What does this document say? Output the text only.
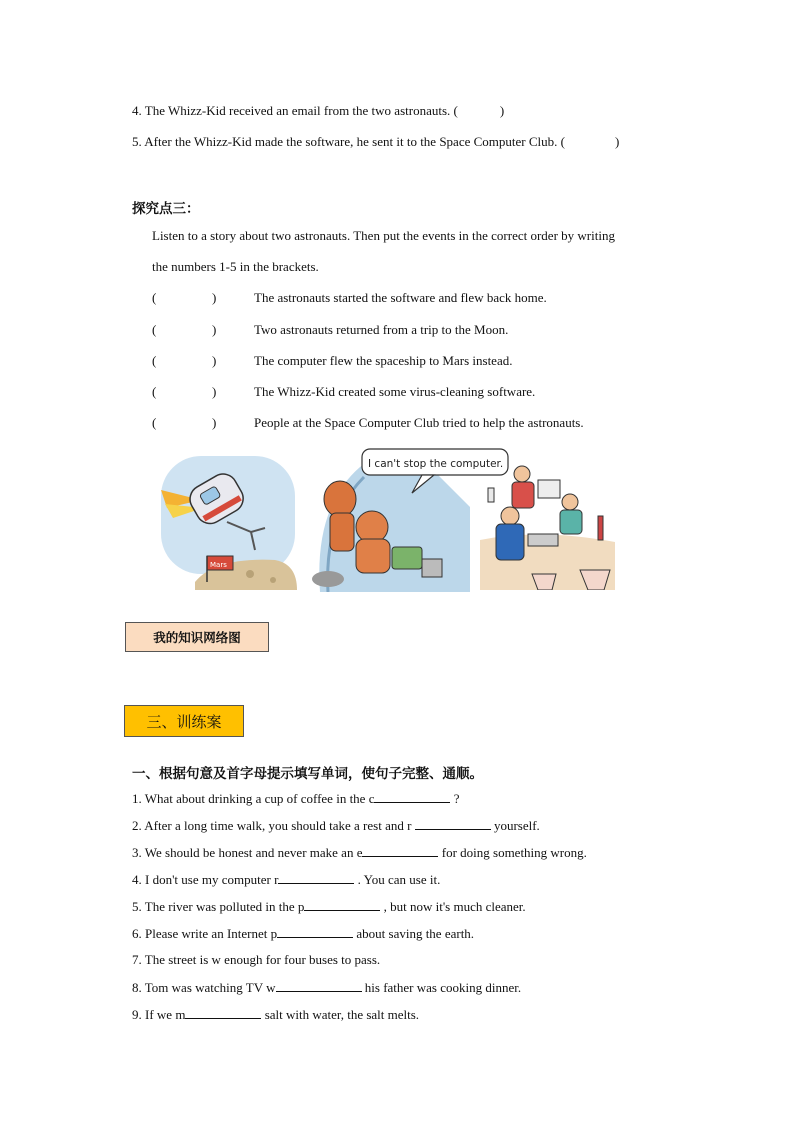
4. The Whizz-Kid received an email from the two astronauts. (	)
5. After the Whizz-Kid made the software, he sent it to the Space Computer Club. (	)
探究点三：
Listen to a story about two astronauts. Then put the events in the correct order by writing
the numbers 1-5 in the brackets.
(	)	The astronauts started the software and flew back home.
(	)	Two astronauts returned from a trip to the Moon.
(	)	The computer flew the spaceship to Mars instead.
(	)	The Whizz-Kid created some virus-cleaning software.
(	)	People at the Space Computer Club tried to help the astronauts.
Mars
I can't stop the computer.
我的知识网络图
三、训练案
一、根据句意及首字母提示填写单词，使句子完整、通顺。
1. What about drinking a cup of coffee in the c	?
2. After a long time walk, you should take a rest and r	yourself.
3. We should be honest and never make an e	for doing something wrong.
4. I don't use my computer r	. You can use it.
5. The river was polluted in the p	, but now it's much cleaner.
6. Please write an Internet p	about saving the earth.
7. The street is w enough for four buses to pass.
8. Tom was watching TV w	his father was cooking dinner.
9. If we m	salt with water, the salt melts.
